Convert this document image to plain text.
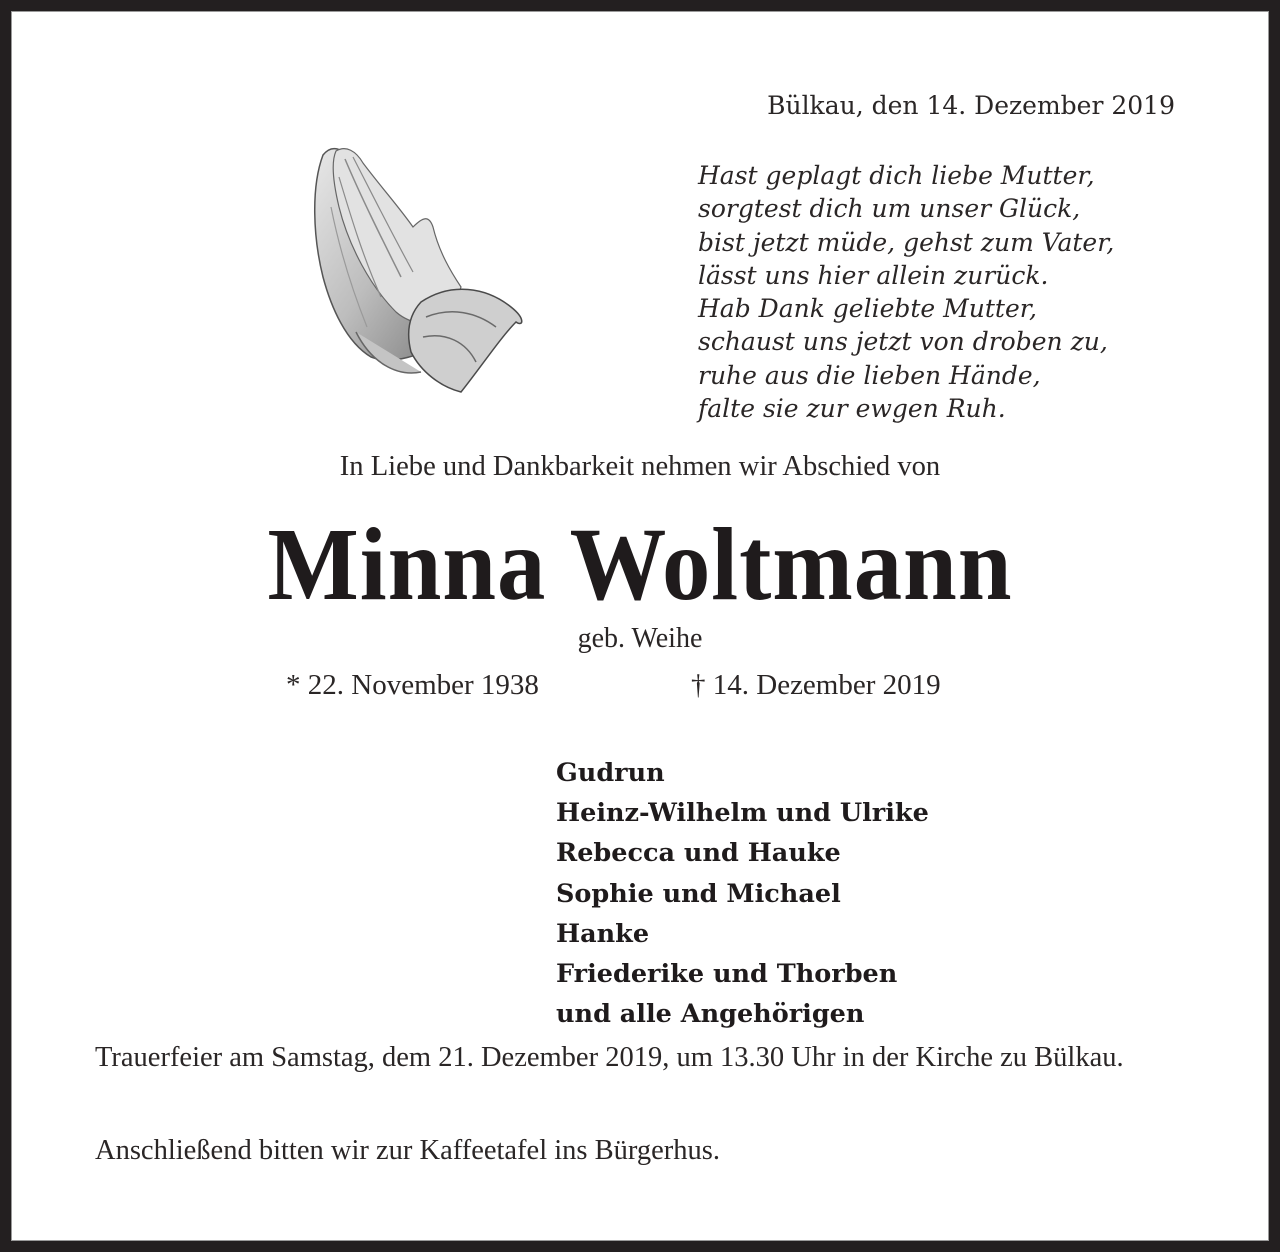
Bülkau, den 14. Dezember 2019
Hast geplagt dich liebe Mutter,
sorgtest dich um unser Glück,
bist jetzt müde, gehst zum Vater,
lässt uns hier allein zurück.
Hab Dank geliebte Mutter,
schaust uns jetzt von droben zu,
ruhe aus die lieben Hände,
falte sie zur ewgen Ruh.
In Liebe und Dankbarkeit nehmen wir Abschied von
Minna Woltmann
geb. Weihe
* 22. November 1938	† 14. Dezember 2019
Gudrun
Heinz-Wilhelm und Ulrike
Rebecca und Hauke
Sophie und Michael
Hanke
Friederike und Thorben
und alle Angehörigen
Trauerfeier am Samstag, dem 21. Dezember 2019, um 13.30 Uhr in der Kirche zu Bülkau.
Anschließend bitten wir zur Kaffeetafel ins Bürgerhus.
